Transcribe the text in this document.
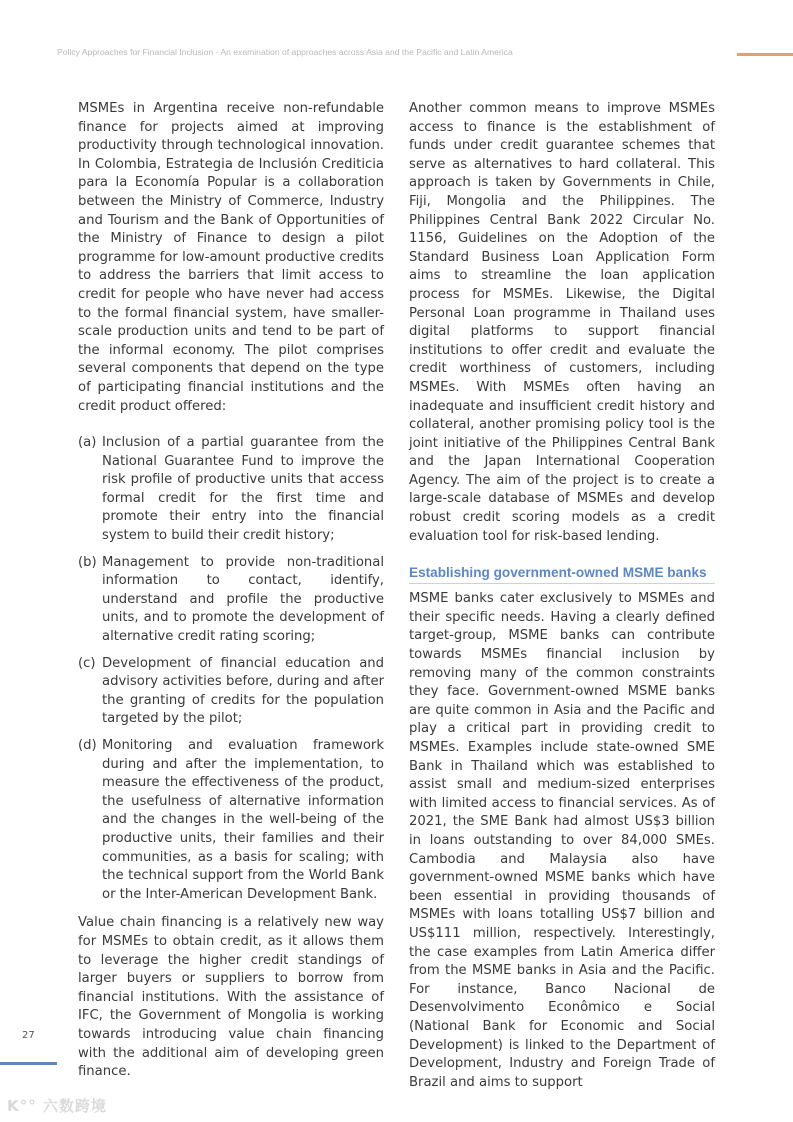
Policy Approaches for Financial Inclusion - An examination of approaches across Asia and the Pacific and Latin America

MSMEs in Argentina receive non-refundable finance for projects aimed at improving productivity through technological innovation. In Colombia, Estrategia de Inclusión Crediticia para la Economía Popular is a collaboration between the Ministry of Commerce, Industry and Tourism and the Bank of Opportunities of the Ministry of Finance to design a pilot programme for low-amount productive credits to address the barriers that limit access to credit for people who have never had access to the formal financial system, have smaller-scale production units and tend to be part of the informal economy. The pilot comprises several components that depend on the type of participating financial institutions and the credit product offered:

(a) Inclusion of a partial guarantee from the National Guarantee Fund to improve the risk profile of productive units that access formal credit for the first time and promote their entry into the financial system to build their credit history;
(b) Management to provide non-traditional information to contact, identify, understand and profile the productive units, and to promote the development of alternative credit rating scoring;
(c) Development of financial education and advisory activities before, during and after the granting of credits for the population targeted by the pilot;
(d) Monitoring and evaluation framework during and after the implementation, to measure the effectiveness of the product, the usefulness of alternative information and the changes in the well-being of the productive units, their families and their communities, as a basis for scaling; with the technical support from the World Bank or the Inter-American Development Bank.

Value chain financing is a relatively new way for MSMEs to obtain credit, as it allows them to leverage the higher credit standings of larger buyers or suppliers to borrow from financial institutions. With the assistance of IFC, the Government of Mongolia is working towards introducing value chain financing with the additional aim of developing green finance.

Another common means to improve MSMEs access to finance is the establishment of funds under credit guarantee schemes that serve as alternatives to hard collateral. This approach is taken by Governments in Chile, Fiji, Mongolia and the Philippines. The Philippines Central Bank 2022 Circular No. 1156, Guidelines on the Adoption of the Standard Business Loan Application Form aims to streamline the loan application process for MSMEs. Likewise, the Digital Personal Loan programme in Thailand uses digital platforms to support financial institutions to offer credit and evaluate the credit worthiness of customers, including MSMEs. With MSMEs often having an inadequate and insufficient credit history and collateral, another promising policy tool is the joint initiative of the Philippines Central Bank and the Japan International Cooperation Agency. The aim of the project is to create a large-scale database of MSMEs and develop robust credit scoring models as a credit evaluation tool for risk-based lending.

Establishing government-owned MSME banks

MSME banks cater exclusively to MSMEs and their specific needs. Having a clearly defined target-group, MSME banks can contribute towards MSMEs financial inclusion by removing many of the common constraints they face. Government-owned MSME banks are quite common in Asia and the Pacific and play a critical part in providing credit to MSMEs. Examples include state-owned SME Bank in Thailand which was established to assist small and medium-sized enterprises with limited access to financial services. As of 2021, the SME Bank had almost US$3 billion in loans outstanding to over 84,000 SMEs. Cambodia and Malaysia also have government-owned MSME banks which have been essential in providing thousands of MSMEs with loans totalling US$7 billion and US$111 million, respectively. Interestingly, the case examples from Latin America differ from the MSME banks in Asia and the Pacific. For instance, Banco Nacional de Desenvolvimento Econômico e Social (National Bank for Economic and Social Development) is linked to the Department of Development, Industry and Foreign Trade of Brazil and aims to support

27
K°° 六数跨境
